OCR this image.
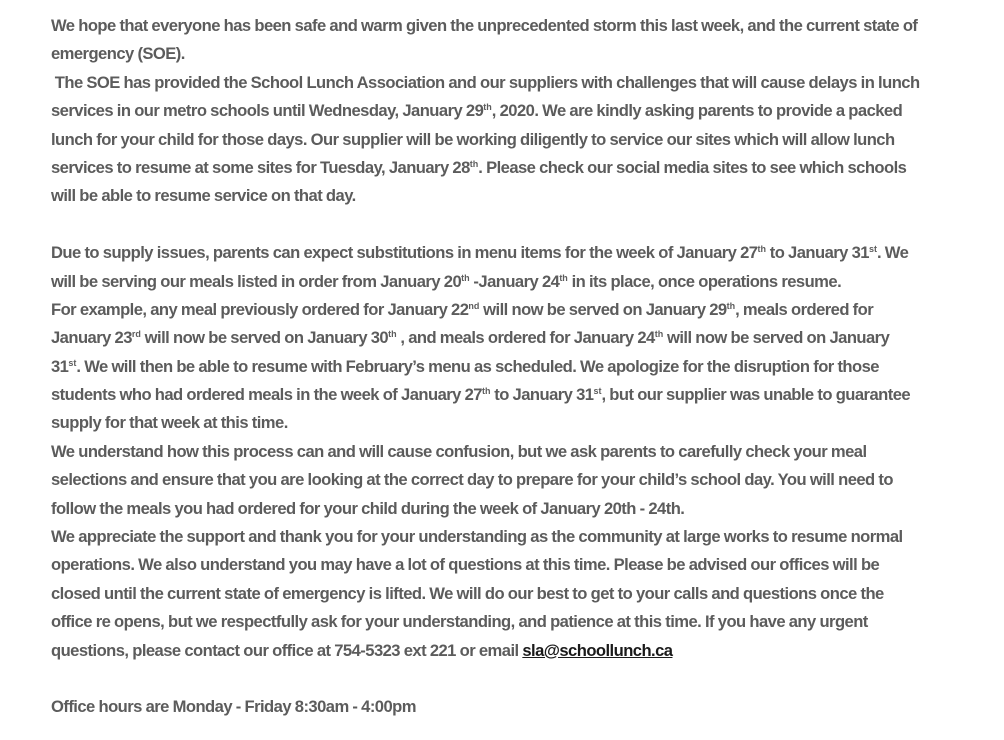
We hope that everyone has been safe and warm given the unprecedented storm this last week, and the current state of
emergency (SOE).
The SOE has provided the School Lunch Association and our suppliers with challenges that will cause delays in lunch
services in our metro schools until Wednesday, January 29th, 2020. We are kindly asking parents to provide a packed
lunch for your child for those days. Our supplier will be working diligently to service our sites which will allow lunch
services to resume at some sites for Tuesday, January 28th. Please check our social media sites to see which schools
will be able to resume service on that day.
Due to supply issues, parents can expect substitutions in menu items for the week of January 27th to January 31st. We
will be serving our meals listed in order from January 20th -January 24th in its place, once operations resume.
For example, any meal previously ordered for January 22nd will now be served on January 29th, meals ordered for
January 23rd will now be served on January 30th , and meals ordered for January 24th will now be served on January
31st. We will then be able to resume with February’s menu as scheduled. We apologize for the disruption for those
students who had ordered meals in the week of January 27th to January 31st, but our supplier was unable to guarantee
supply for that week at this time.
We understand how this process can and will cause confusion, but we ask parents to carefully check your meal
selections and ensure that you are looking at the correct day to prepare for your child’s school day. You will need to
follow the meals you had ordered for your child during the week of January 20th - 24th.
We appreciate the support and thank you for your understanding as the community at large works to resume normal
operations. We also understand you may have a lot of questions at this time. Please be advised our offices will be
closed until the current state of emergency is lifted. We will do our best to get to your calls and questions once the
office re opens, but we respectfully ask for your understanding, and patience at this time. If you have any urgent
questions, please contact our office at 754-5323 ext 221 or email sla@schoollunch.ca
Office hours are Monday - Friday 8:30am - 4:00pm
